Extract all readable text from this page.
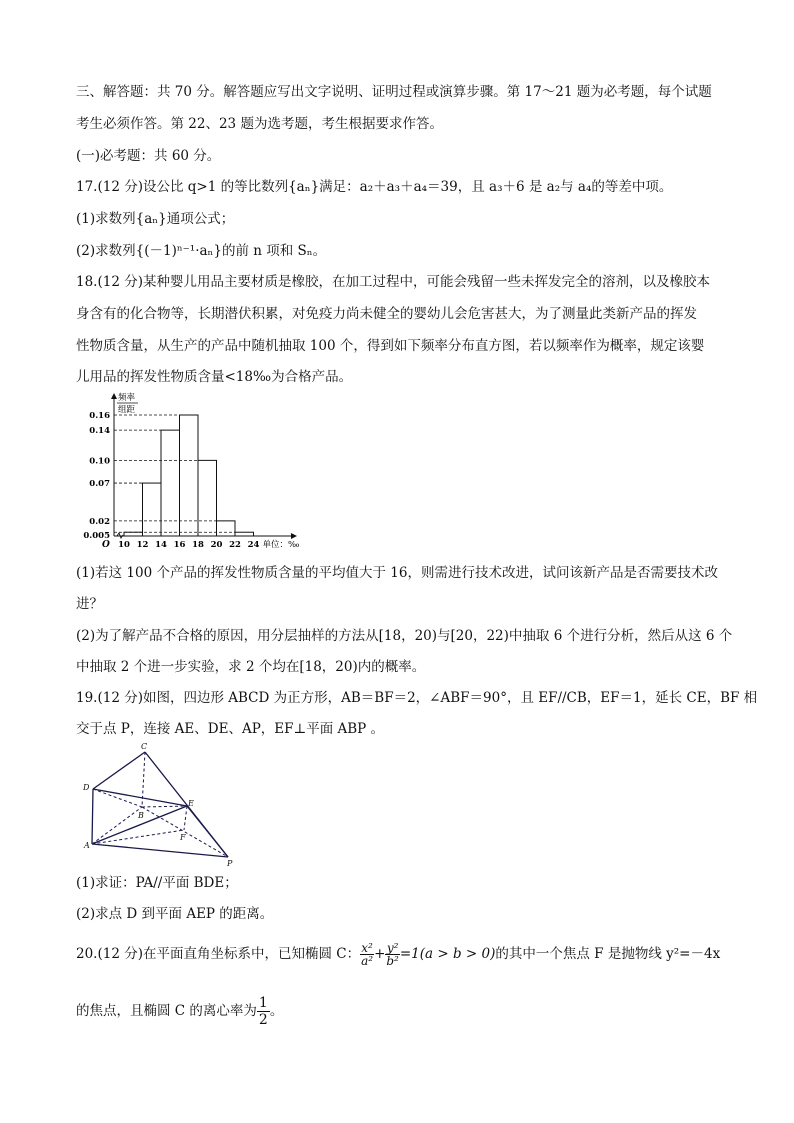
三、解答题：共 70 分。解答题应写出文字说明、证明过程或演算步骤。第 17～21 题为必考题，每个试题
考生必须作答。第 22、23 题为选考题，考生根据要求作答。
(一)必考题：共 60 分。
17.(12 分)设公比 q>1 的等比数列{aₙ}满足：a₂＋a₃＋a₄＝39，且 a₃＋6 是 a₂与 a₄的等差中项。
(1)求数列{aₙ}通项公式；
(2)求数列{(－1)ⁿ⁻¹·aₙ}的前 n 项和 Sₙ。
18.(12 分)某种婴儿用品主要材质是橡胶，在加工过程中，可能会残留一些未挥发完全的溶剂，以及橡胶本
身含有的化合物等，长期潜伏积累，对免疫力尚未健全的婴幼儿会危害甚大，为了测量此类新产品的挥发
性物质含量，从生产的产品中随机抽取 100 个，得到如下频率分布直方图，若以频率作为概率，规定该婴
儿用品的挥发性物质含量<18‰为合格产品。
0.16
0.14
0.10
0.07
0.02
0.005
10 12 14 16 18 20 22 24
O	单位：‰
频率
组距
(1)若这 100 个产品的挥发性物质含量的平均值大于 16，则需进行技术改进，试问该新产品是否需要技术改
进？
(2)为了解产品不合格的原因，用分层抽样的方法从[18，20)与[20，22)中抽取 6 个进行分析，然后从这 6 个
中抽取 2 个进一步实验，求 2 个均在[18，20)内的概率。
19.(12 分)如图，四边形 ABCD 为正方形，AB＝BF＝2，∠ABF＝90°，且 EF//CB，EF＝1，延长 CE，BF 相
交于点 P，连接 AE、DE、AP，EF⊥平面 ABP 。
C
D
B
E
F
A
P
(1)求证：PA//平面 BDE；
(2)求点 D 到平面 AEP 的距离。
20.(12 分)在平面直角坐标系中，已知椭圆 C： $\frac{\text{x²}}{\text{a²}} + \frac{\text{y²}}{\text{b²}} =1(a > b > 0)$的其中一个焦点 F 是抛物线 y²=－4x
的焦点，且椭圆 C 的离心率为 $\frac{1}{2}$ 。
